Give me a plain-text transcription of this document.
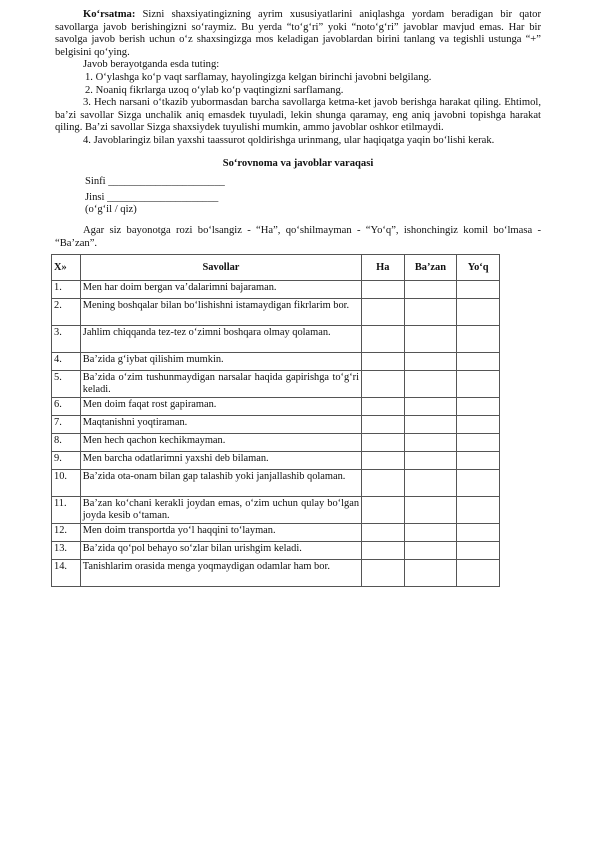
Ko‘rsatma: Sizni shaxsiyatingizning ayrim xususiyatlarini aniqlashga yordam beradigan bir qator savollarga javob berishingizni so‘raymiz. Bu yerda “to‘g‘ri” yoki “noto‘g‘ri” javoblar mavjud emas. Har bir savolga javob berish uchun o‘z shaxsingizga mos keladigan javoblardan birini tanlang va tegishli ustunga “+” belgisini qo‘ying.

Javob berayotganda esda tuting:

1. O‘ylashga ko‘p vaqt sarflamay, hayolingizga kelgan birinchi javobni belgilang.

2. Noaniq fikrlarga uzoq o‘ylab ko‘p vaqtingizni sarflamang.

3. Hech narsani o‘tkazib yubormasdan barcha savollarga ketma-ket javob berishga harakat qiling. Ehtimol, ba’zi savollar Sizga unchalik aniq emasdek tuyuladi, lekin shunga qaramay, eng aniq javobni topishga harakat qiling. Ba’zi savollar Sizga shaxsiydek tuyulishi mumkin, ammo javoblar oshkor etilmaydi.

4. Javoblaringiz bilan yaxshi taassurot qoldirishga urinmang, ular haqiqatga yaqin bo‘lishi kerak.

So‘rovnoma va javoblar varaqasi

Sinfi ______________________

Jinsi _____________________

(o‘g‘il / qiz)

Agar siz bayonotga rozi bo‘lsangiz - “Ha”, qo‘shilmayman - “Yo‘q”, ishonchingiz komil bo‘lmasa - “Ba’zan”.

X»	Savollar	Ha	Ba’zan	Yo‘q
1.	Men har doim bergan va’dalarimni bajaraman.			
2.	Mening boshqalar bilan bo‘lishishni istamaydigan fikrlarim bor.			
3.	Jahlim chiqqanda tez-tez o‘zimni boshqara olmay qolaman.			
4.	Ba’zida g‘iybat qilishim mumkin.			
5.	Ba’zida o‘zim tushunmaydigan narsalar haqida gapirishga to‘g‘ri keladi.			
6.	Men doim faqat rost gapiraman.			
7.	Maqtanishni yoqtiraman.			
8.	Men hech qachon kechikmayman.			
9.	Men barcha odatlarimni yaxshi deb bilaman.			
10.	Ba’zida ota-onam bilan gap talashib yoki janjallashib qolaman.			
11.	Ba’zan ko‘chani kerakli joydan emas, o‘zim uchun qulay bo‘lgan joyda kesib o‘taman.			
12.	Men doim transportda yo‘l haqqini to‘layman.			
13.	Ba’zida qo‘pol behayo so‘zlar bilan urishgim keladi.			
14.	Tanishlarim orasida menga yoqmaydigan odamlar ham bor.			
